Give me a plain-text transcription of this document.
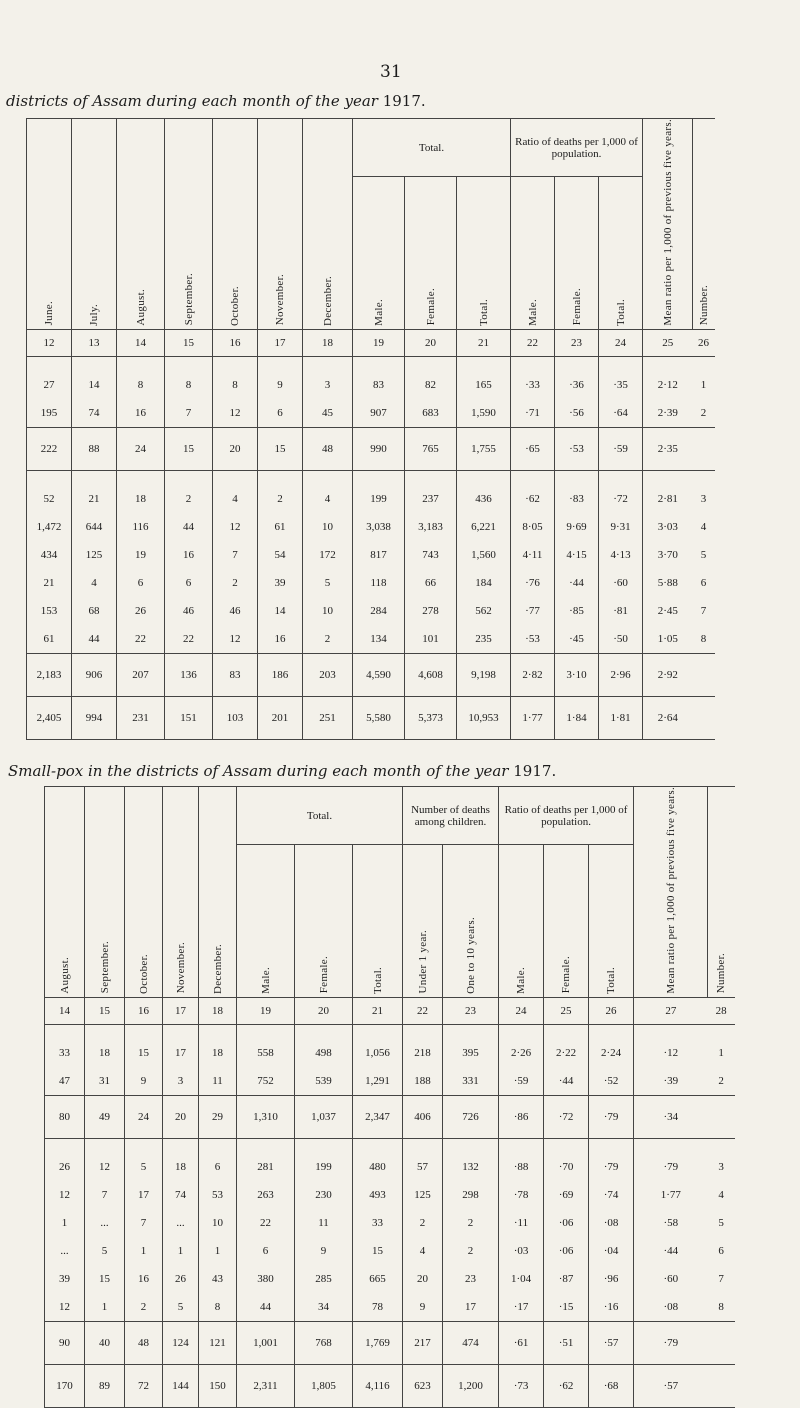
31
districts of Assam during each month of the year 1917.
June.	July.	August.	September.	October.	November.	December.	Total.			Ratio of deaths per 1,000 of population.			Mean ratio per 1,000 of previous five years.	Number.
							Male.	Female.	Total.	Male.	Female.	Total.		
12	13	14	15	16	17	18	19	20	21	22	23	24	25	26

27	14	8	8	8	9	3	83	82	165	·33	·36	·35	2·12	1
195	74	16	7	12	6	45	907	683	1,590	·71	·56	·64	2·39	2
222	88	24	15	20	15	48	990	765	1,755	·65	·53	·59	2·35	

52	21	18	2	4	2	4	199	237	436	·62	·83	·72	2·81	3
1,472	644	116	44	12	61	10	3,038	3,183	6,221	8·05	9·69	9·31	3·03	4
434	125	19	16	7	54	172	817	743	1,560	4·11	4·15	4·13	3·70	5
21	4	6	6	2	39	5	118	66	184	·76	·44	·60	5·88	6
153	68	26	46	46	14	10	284	278	562	·77	·85	·81	2·45	7
61	44	22	22	12	16	2	134	101	235	·53	·45	·50	1·05	8
2,183	906	207	136	83	186	203	4,590	4,608	9,198	2·82	3·10	2·96	2·92	
2,405	994	231	151	103	201	251	5,580	5,373	10,953	1·77	1·84	1·81	2·64	
Small-pox in the districts of Assam during each month of the year 1917.
August.	September.	October.	November.	December.	Total.			Number of deaths among children.		Ratio of deaths per 1,000 of population.			Mean ratio per 1,000 of previous five years.	Number.
					Male.	Female.	Total.	Under 1 year.	One to 10 years.	Male.	Female.	Total.		
14	15	16	17	18	19	20	21	22	23	24	25	26	27	28

33	18	15	17	18	558	498	1,056	218	395	2·26	2·22	2·24	·12	1
47	31	9	3	11	752	539	1,291	188	331	·59	·44	·52	·39	2
80	49	24	20	29	1,310	1,037	2,347	406	726	·86	·72	·79	·34	

26	12	5	18	6	281	199	480	57	132	·88	·70	·79	·79	3
12	7	17	74	53	263	230	493	125	298	·78	·69	·74	1·77	4
1	...	7	...	10	22	11	33	2	2	·11	·06	·08	·58	5
...	5	1	1	1	6	9	15	4	2	·03	·06	·04	·44	6
39	15	16	26	43	380	285	665	20	23	1·04	·87	·96	·60	7
12	1	2	5	8	44	34	78	9	17	·17	·15	·16	·08	8
90	40	48	124	121	1,001	768	1,769	217	474	·61	·51	·57	·79	
170	89	72	144	150	2,311	1,805	4,116	623	1,200	·73	·62	·68	·57	
